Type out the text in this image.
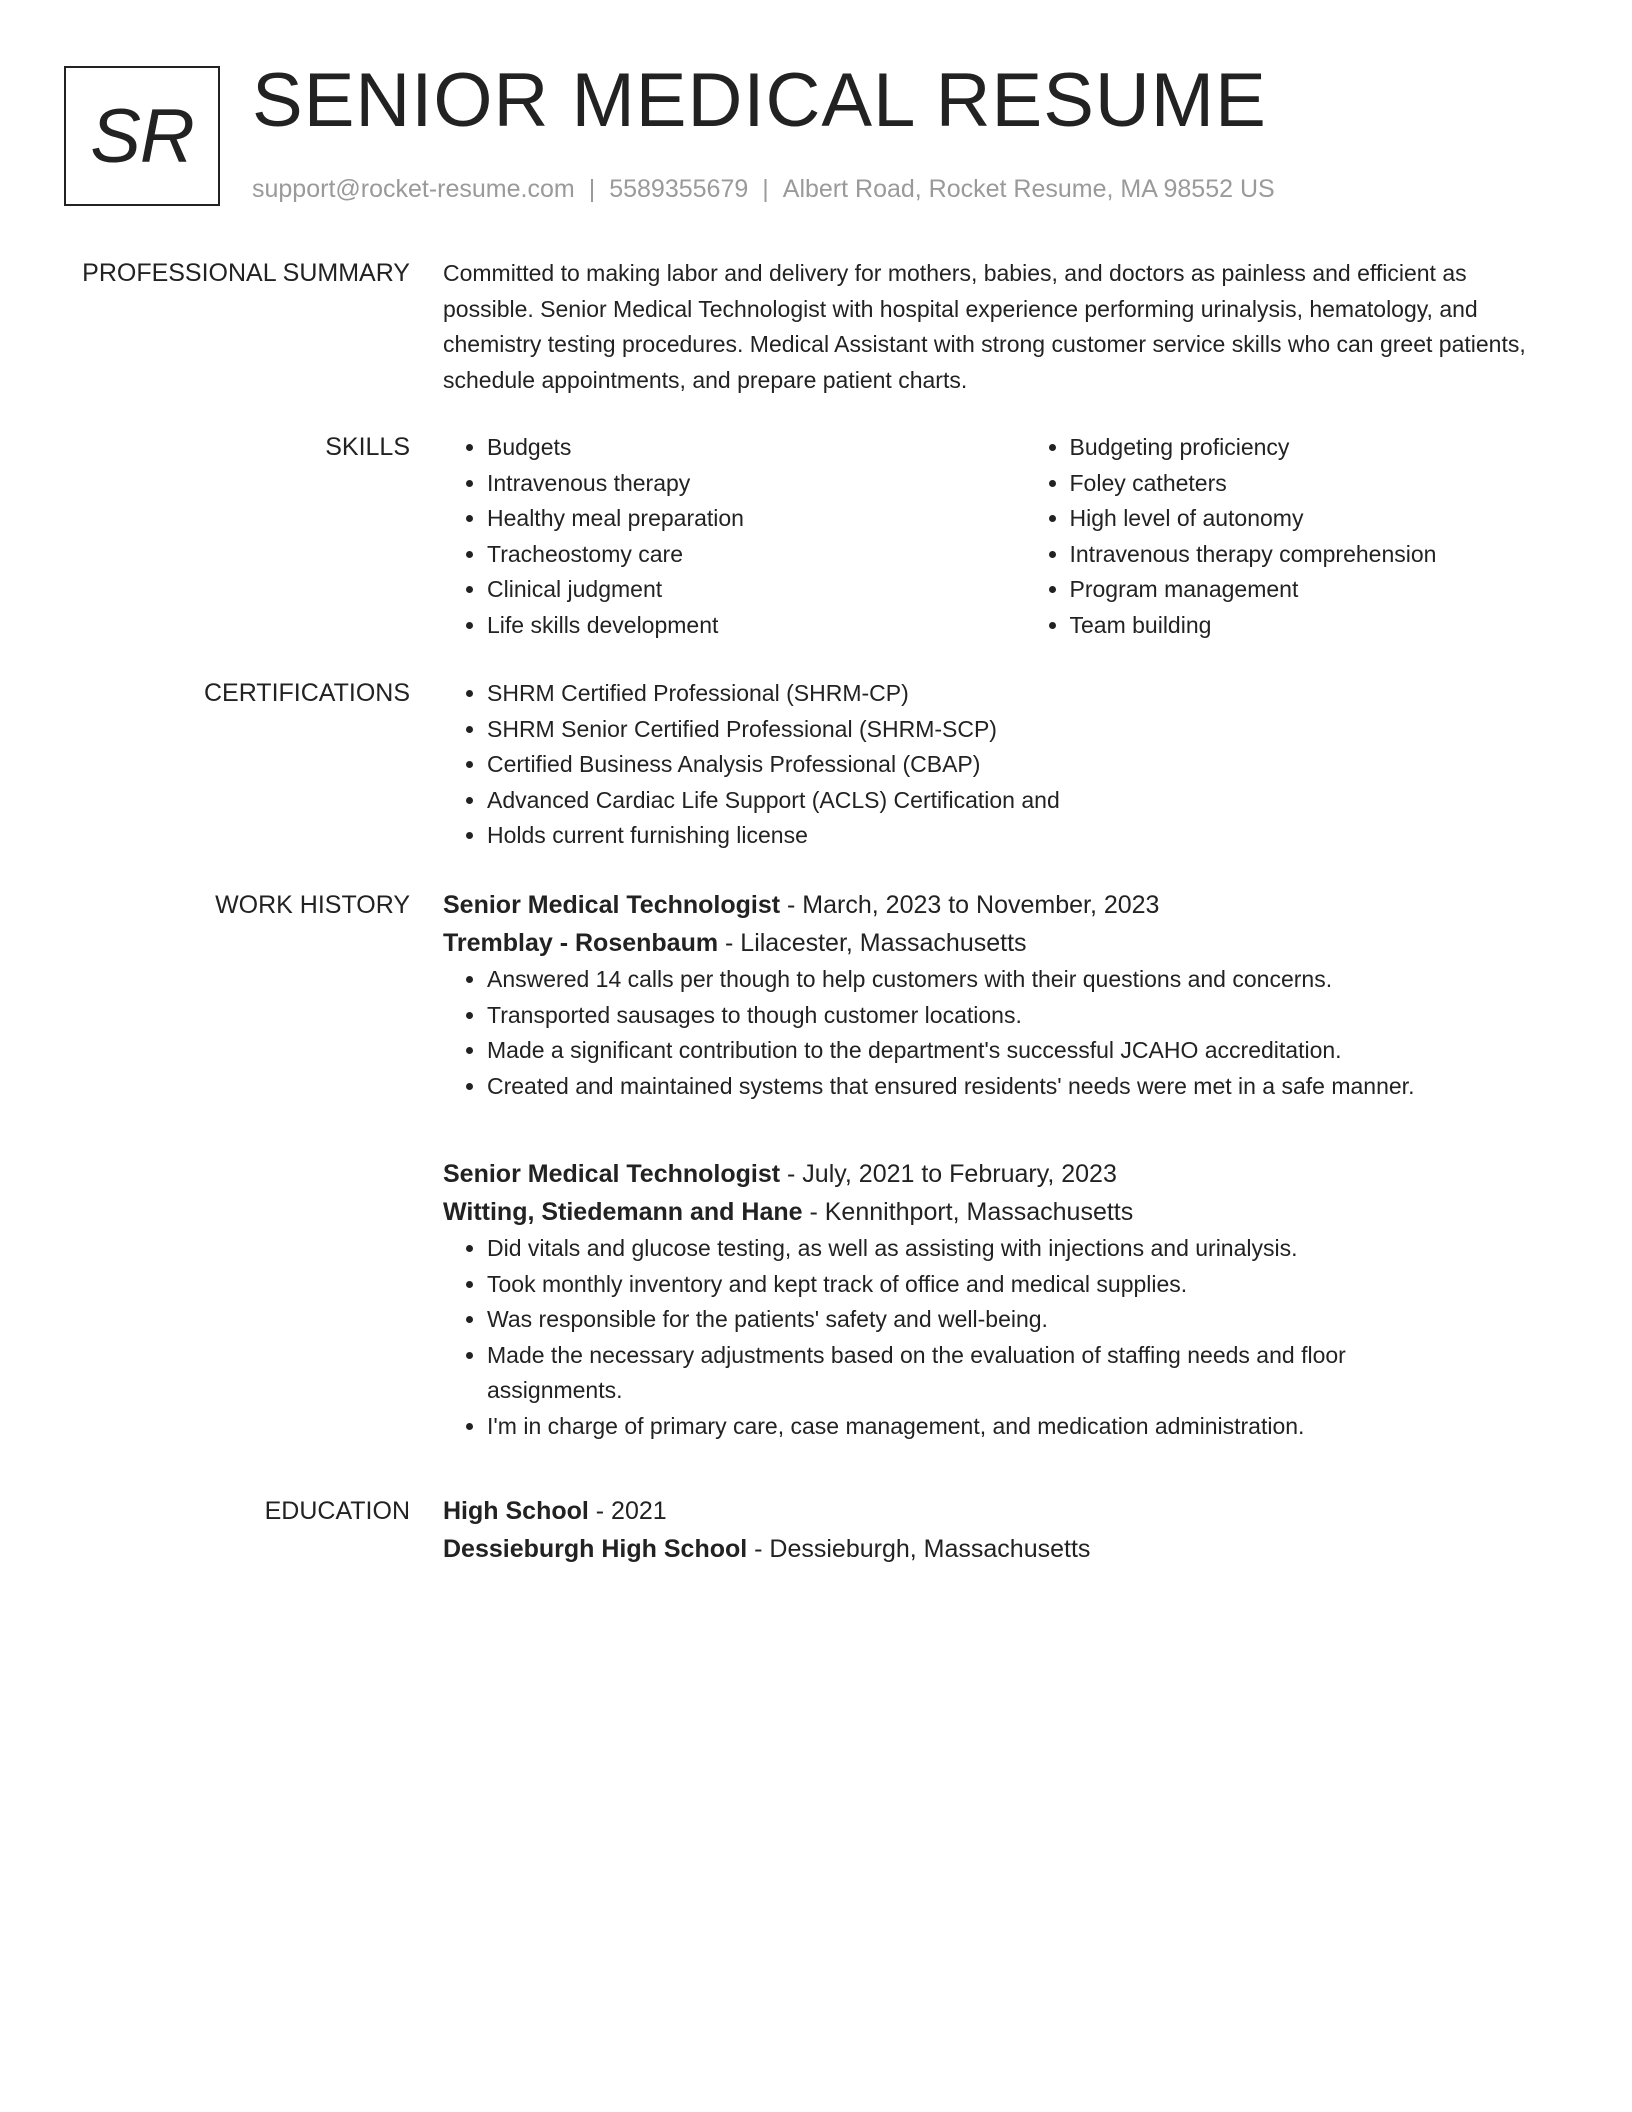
SR SENIOR MEDICAL RESUME
support@rocket-resume.com | 5589355679 | Albert Road, Rocket Resume, MA 98552 US
PROFESSIONAL SUMMARY Committed to making labor and delivery for mothers, babies, and doctors as painless and efficient as possible. Senior Medical Technologist with hospital experience performing urinalysis, hematology, and chemistry testing procedures. Medical Assistant with strong customer service skills who can greet patients, schedule appointments, and prepare patient charts.

SKILLS	• Budgets
• Intravenous therapy
• Healthy meal preparation
• Tracheostomy care
• Clinical judgment
• Life skills development
• Budgeting proficiency
• Foley catheters
• High level of autonomy
• Intravenous therapy comprehension
• Program management
• Team building
CERTIFICATIONS	• SHRM Certified Professional (SHRM-CP)
• SHRM Senior Certified Professional (SHRM-SCP)
• Certified Business Analysis Professional (CBAP)
• Advanced Cardiac Life Support (ACLS) Certification and
• Holds current furnishing license
WORK HISTORY Senior Medical Technologist - March, 2023 to November, 2023
Tremblay - Rosenbaum - Lilacester, Massachusetts
• Answered 14 calls per though to help customers with their questions and concerns.
• Transported sausages to though customer locations.
• Made a significant contribution to the department's successful JCAHO accreditation.
• Created and maintained systems that ensured residents' needs were met in a safe manner.
Senior Medical Technologist - July, 2021 to February, 2023
Witting, Stiedemann and Hane - Kennithport, Massachusetts
• Did vitals and glucose testing, as well as assisting with injections and urinalysis.
• Took monthly inventory and kept track of office and medical supplies.
• Was responsible for the patients' safety and well-being.
• Made the necessary adjustments based on the evaluation of staffing needs and floor assignments.
• I'm in charge of primary care, case management, and medication administration.
EDUCATION High School - 2021
Dessieburgh High School - Dessieburgh, Massachusetts
